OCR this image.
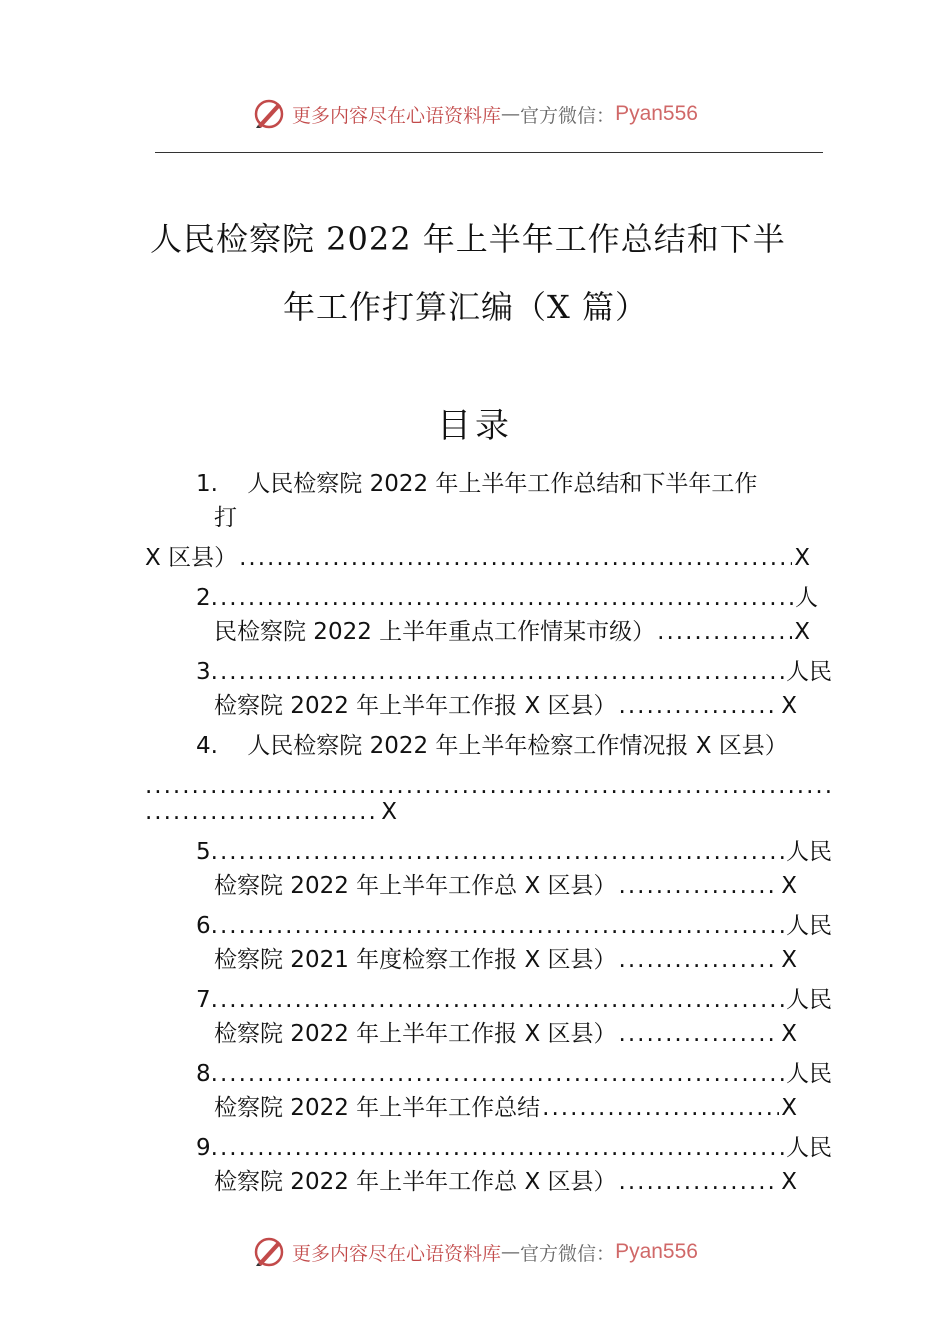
更多内容尽在心语资料库 — 官方微信： Pyan556
人民检察院 2022 年上半年工作总结和下半
年工作打算汇编（X 篇）
目录
1. 人民检察院 2022 年上半年工作总结和下半年工作
打
X 区县） .....	X
2. .....	人
民检察院 2022 上半年重点工作情某市级） .....	X
3. .....	人民
检察院 2022 年上半年工作报 X 区县） .....	X
4. 人民检察院 2022 年上半年检察工作情况报 X 区县）
.....
.....
X
5. .....	人民
检察院 2022 年上半年工作总 X 区县） .....	X
6. .....	人民
检察院 2021 年度检察工作报 X 区县） .....	X
7. .....	人民
检察院 2022 年上半年工作报 X 区县） .....	X
8. .....	人民
检察院 2022 年上半年工作总结 .....	X
9. .....	人民
检察院 2022 年上半年工作总 X 区县） .....	X
更多内容尽在心语资料库 — 官方微信： Pyan556
